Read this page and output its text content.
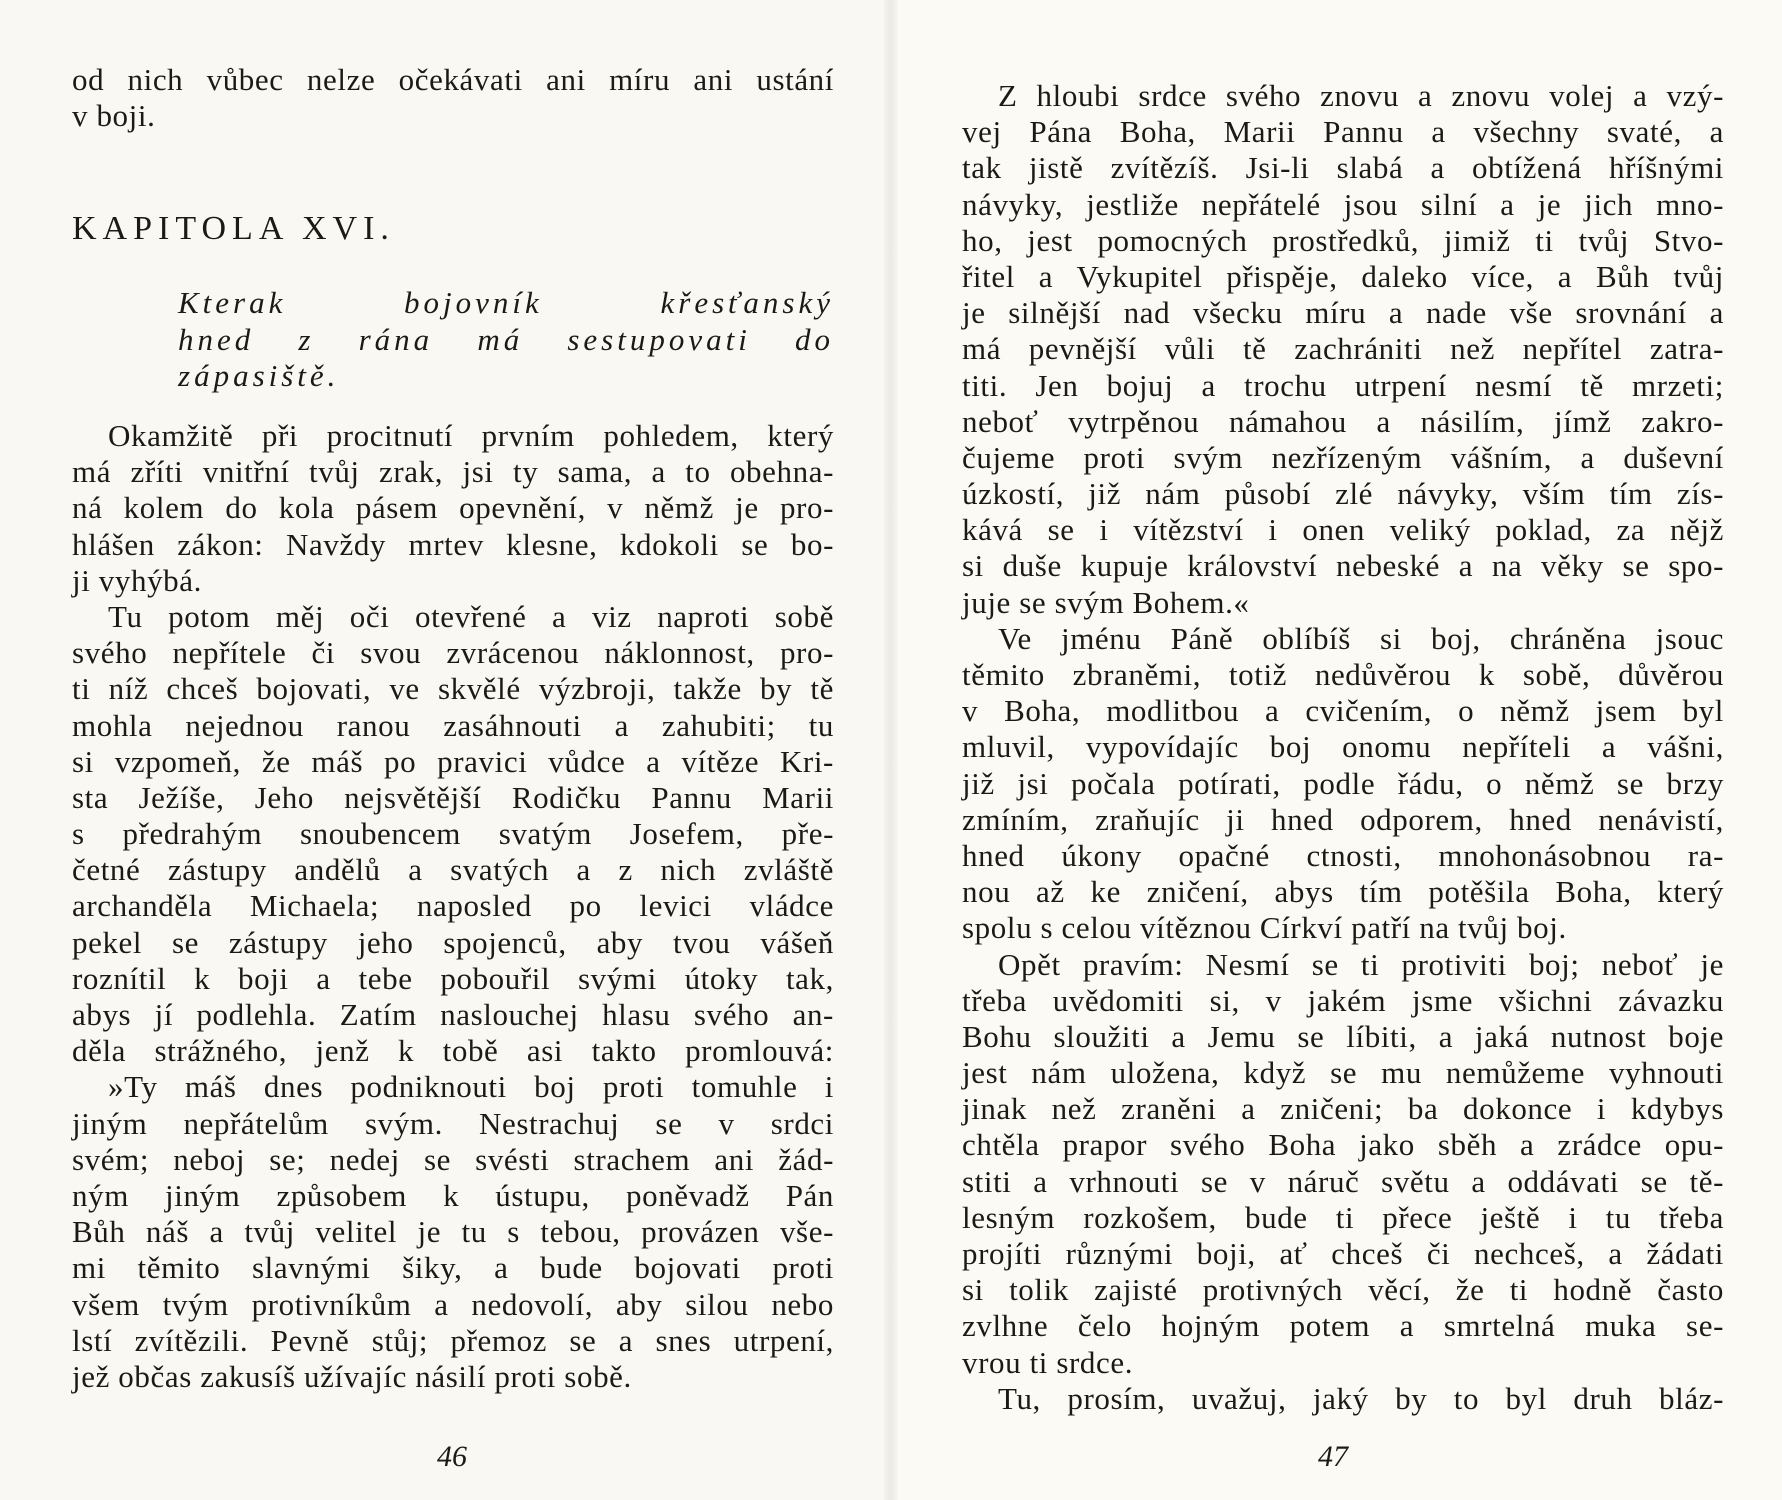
od nich vůbec nelze očekávati ani míru ani ustání
v boji.
KAPITOLA XVI.
Kterak bojovník křesťanský
hned z rána má sestupovati do
zápasiště.
Okamžitě při procitnutí prvním pohledem, který
má zříti vnitřní tvůj zrak, jsi ty sama, a to obehna-
ná kolem do kola pásem opevnění, v němž je pro-
hlášen zákon: Navždy mrtev klesne, kdokoli se bo-
ji vyhýbá.
Tu potom měj oči otevřené a viz naproti sobě
svého nepřítele či svou zvrácenou náklonnost, pro-
ti níž chceš bojovati, ve skvělé výzbroji, takže by tě
mohla nejednou ranou zasáhnouti a zahubiti; tu
si vzpomeň, že máš po pravici vůdce a vítěze Kri-
sta Ježíše, Jeho nejsvětější Rodičku Pannu Marii
s předrahým snoubencem svatým Josefem, pře-
četné zástupy andělů a svatých a z nich zvláště
archanděla Michaela; naposled po levici vládce
pekel se zástupy jeho spojenců, aby tvou vášeň
roznítil k boji a tebe pobouřil svými útoky tak,
abys jí podlehla. Zatím naslouchej hlasu svého an-
děla strážného, jenž k tobě asi takto promlouvá:
»Ty máš dnes podniknouti boj proti tomuhle i
jiným nepřátelům svým. Nestrachuj se v srdci
svém; neboj se; nedej se svésti strachem ani žád-
ným jiným způsobem k ústupu, poněvadž Pán
Bůh náš a tvůj velitel je tu s tebou, provázen vše-
mi těmito slavnými šiky, a bude bojovati proti
všem tvým protivníkům a nedovolí, aby silou nebo
lstí zvítězili. Pevně stůj; přemoz se a snes utrpení,
jež občas zakusíš užívajíc násilí proti sobě.
46
Z hloubi srdce svého znovu a znovu volej a vzý-
vej Pána Boha, Marii Pannu a všechny svaté, a
tak jistě zvítězíš. Jsi-li slabá a obtížená hříšnými
návyky, jestliže nepřátelé jsou silní a je jich mno-
ho, jest pomocných prostředků, jimiž ti tvůj Stvo-
řitel a Vykupitel přispěje, daleko více, a Bůh tvůj
je silnější nad všecku míru a nade vše srovnání a
má pevnější vůli tě zachrániti než nepřítel zatra-
titi. Jen bojuj a trochu utrpení nesmí tě mrzeti;
neboť vytrpěnou námahou a násilím, jímž zakro-
čujeme proti svým nezřízeným vášním, a duševní
úzkostí, již nám působí zlé návyky, vším tím zís-
kává se i vítězství i onen veliký poklad, za nějž
si duše kupuje království nebeské a na věky se spo-
juje se svým Bohem.«
Ve jménu Páně oblíbíš si boj, chráněna jsouc
těmito zbraněmi, totiž nedůvěrou k sobě, důvěrou
v Boha, modlitbou a cvičením, o němž jsem byl
mluvil, vypovídajíc boj onomu nepříteli a vášni,
již jsi počala potírati, podle řádu, o němž se brzy
zmíním, zraňujíc ji hned odporem, hned nenávistí,
hned úkony opačné ctnosti, mnohonásobnou ra-
nou až ke zničení, abys tím potěšila Boha, který
spolu s celou vítěznou Církví patří na tvůj boj.
Opět pravím: Nesmí se ti protiviti boj; neboť je
třeba uvědomiti si, v jakém jsme všichni závazku
Bohu sloužiti a Jemu se líbiti, a jaká nutnost boje
jest nám uložena, když se mu nemůžeme vyhnouti
jinak než zraněni a zničeni; ba dokonce i kdybys
chtěla prapor svého Boha jako sběh a zrádce opu-
stiti a vrhnouti se v náruč světu a oddávati se tě-
lesným rozkošem, bude ti přece ještě i tu třeba
projíti různými boji, ať chceš či nechceš, a žádati
si tolik zajisté protivných věcí, že ti hodně často
zvlhne čelo hojným potem a smrtelná muka se-
vrou ti srdce.
Tu, prosím, uvažuj, jaký by to byl druh bláz-
47
